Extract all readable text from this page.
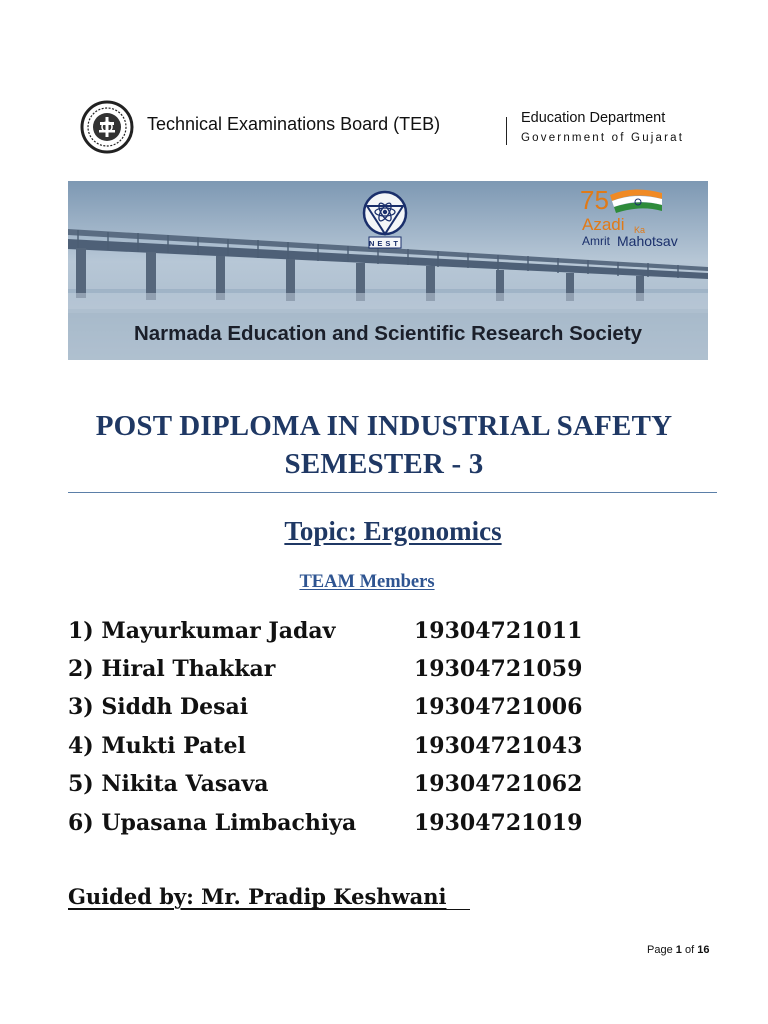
Technical Examinations Board (TEB)	Education Department
Government of Gujarat
NEST
75
Azadi Ka
Amrit Mahotsav
Narmada Education and Scientific Research Society
POST DIPLOMA IN INDUSTRIAL SAFETY
SEMESTER - 3
Topic: Ergonomics
TEAM Members
1) Mayurkumar Jadav	19304721011
2) Hiral Thakkar	19304721059
3) Siddh Desai	19304721006
4) Mukti Patel	19304721043
5) Nikita Vasava	19304721062
6) Upasana Limbachiya	19304721019
Guided by: Mr. Pradip Keshwani
Page 1 of 16
